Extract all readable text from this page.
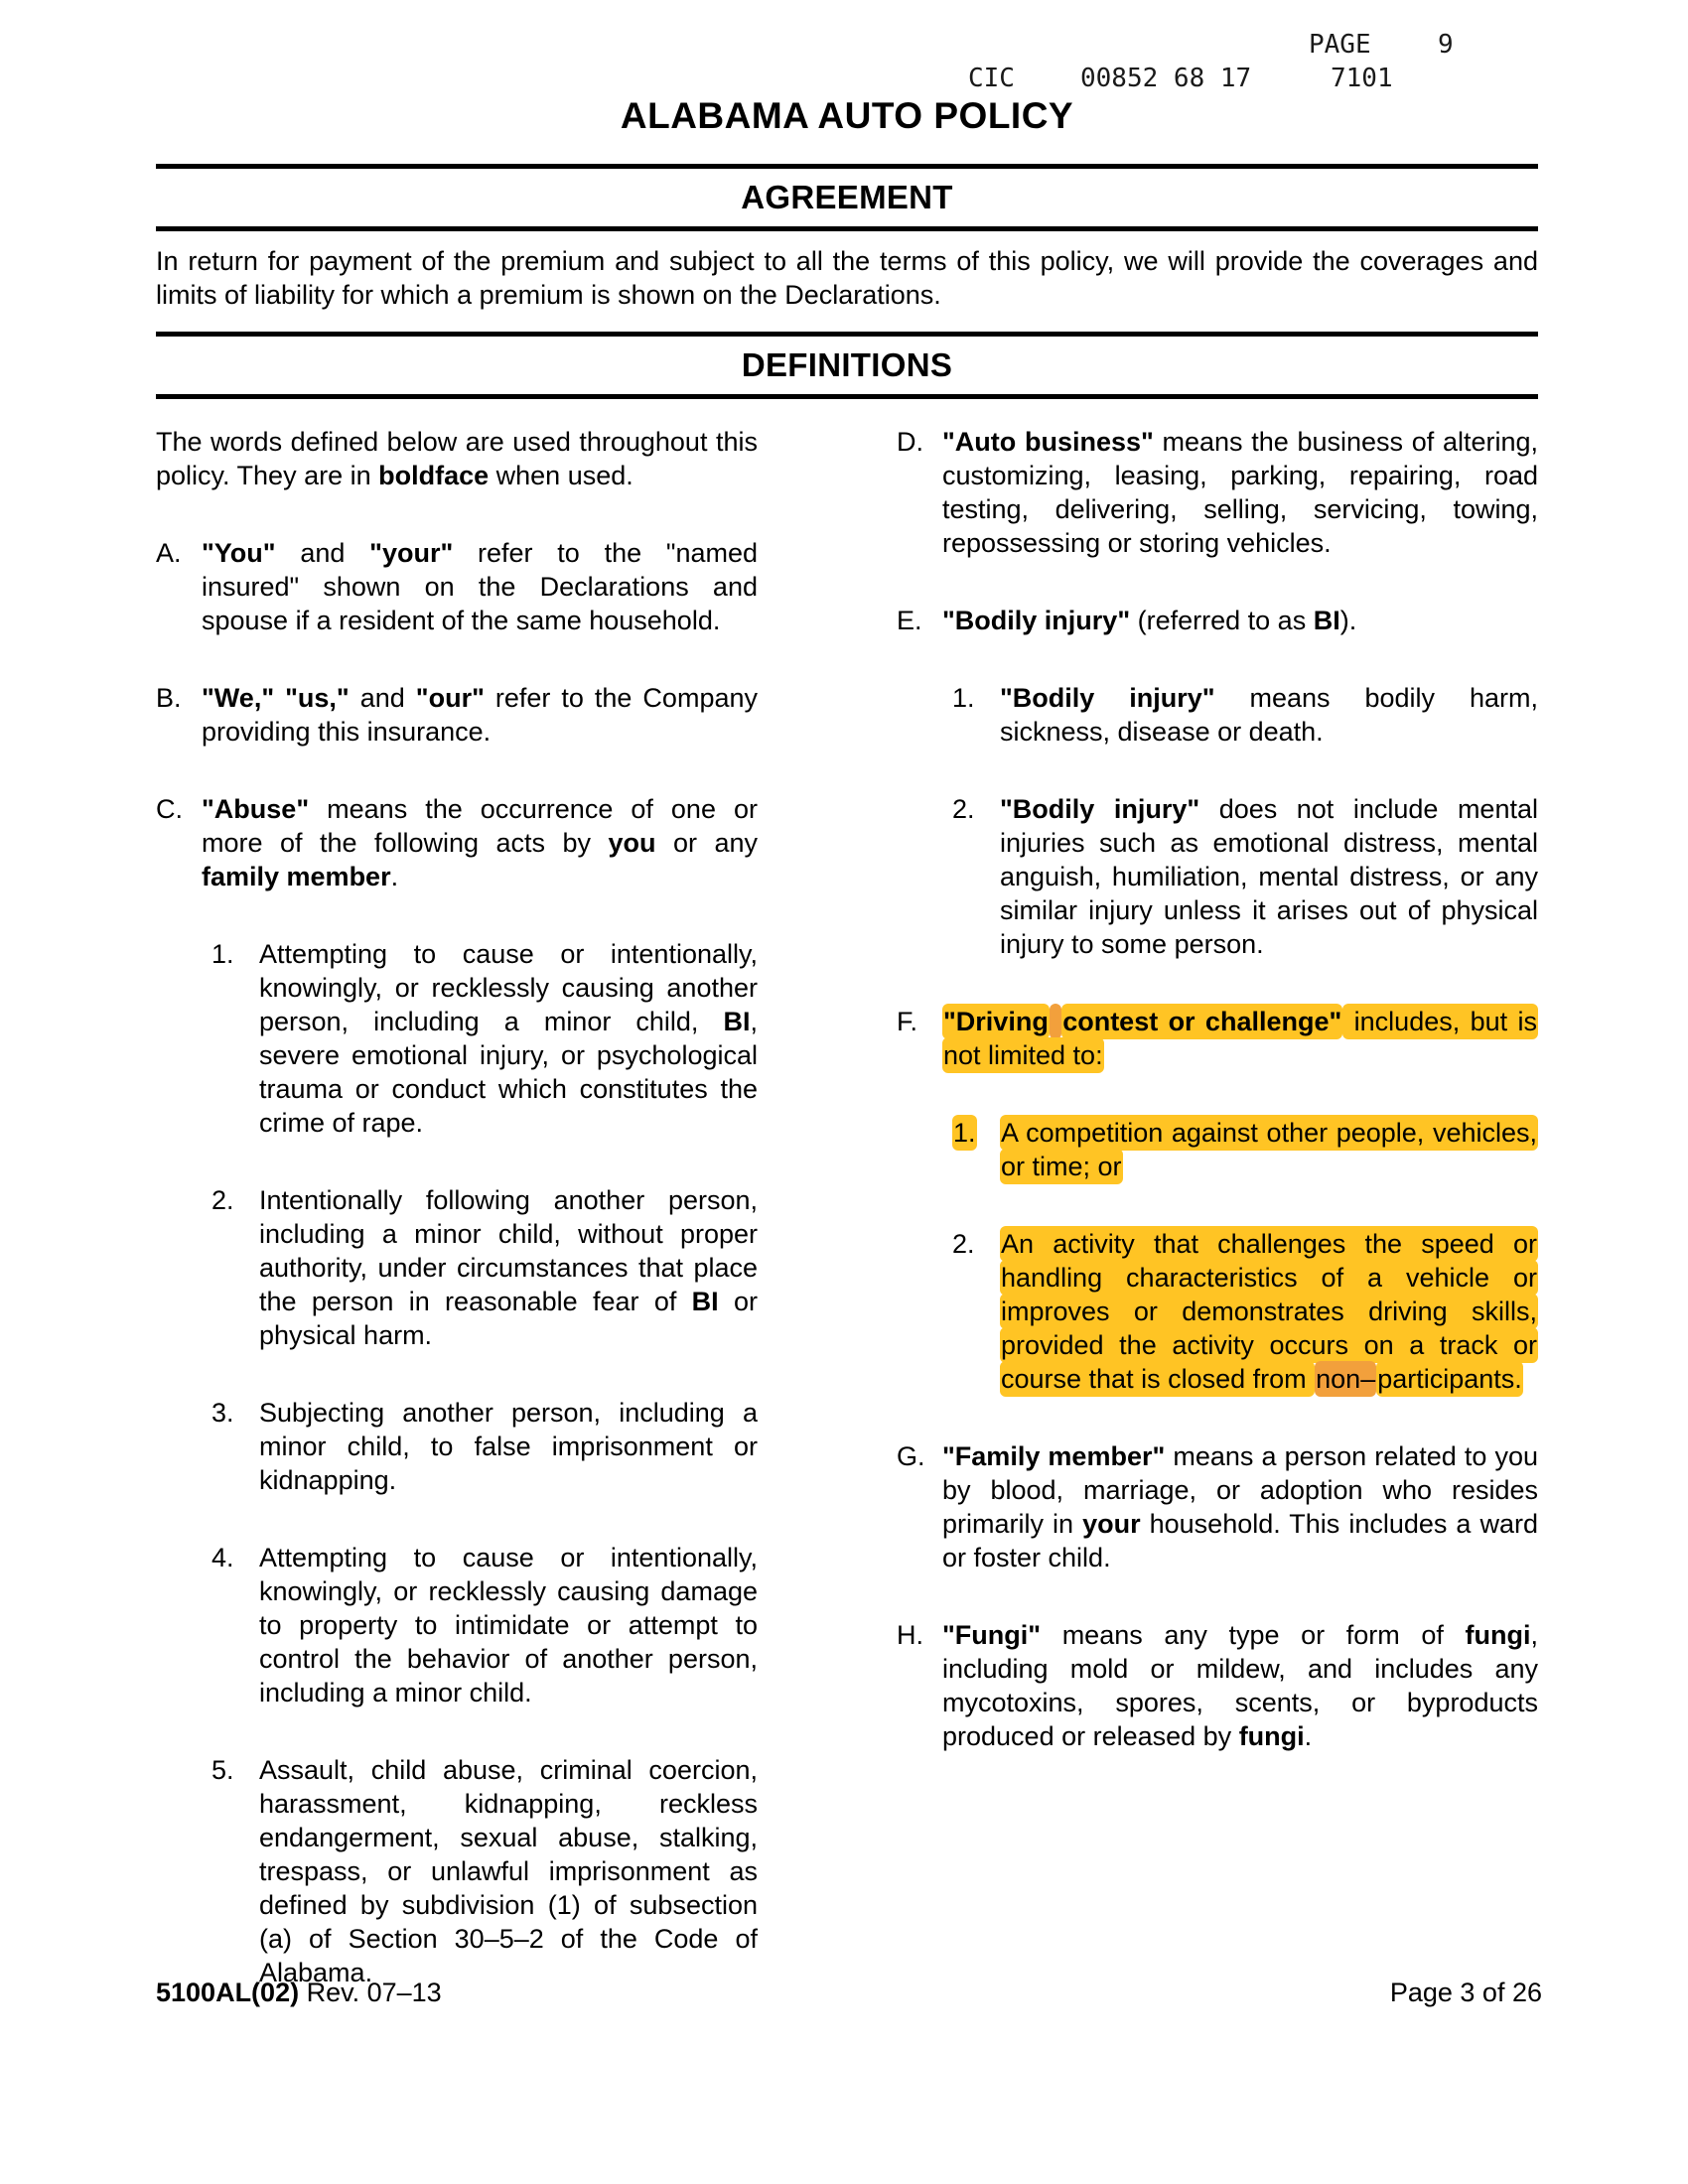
PAGE	9
CIC	00852 68 17	7101
ALABAMA AUTO POLICY
AGREEMENT

In return for payment of the premium and subject to all the terms of this policy, we will provide the coverages and limits of liability for which a premium is shown on the Declarations.

DEFINITIONS

The words defined below are used throughout this policy. They are in boldface when used.

A. "You" and "your" refer to the "named insured" shown on the Declarations and spouse if a resident of the same household.

B. "We," "us," and "our" refer to the Company providing this insurance.

C. "Abuse" means the occurrence of one or more of the following acts by you or any family member.

1. Attempting to cause or intentionally, knowingly, or recklessly causing another person, including a minor child, BI, severe emotional injury, or psychological trauma or conduct which constitutes the crime of rape.

2. Intentionally following another person, including a minor child, without proper authority, under circumstances that place the person in reasonable fear of BI or physical harm.

3. Subjecting another person, including a minor child, to false imprisonment or kidnapping.

4. Attempting to cause or intentionally, knowingly, or recklessly causing damage to property to intimidate or attempt to control the behavior of another person, including a minor child.

5. Assault, child abuse, criminal coercion, harassment, kidnapping, reckless endangerment, sexual abuse, stalking, trespass, or unlawful imprisonment as defined by subdivision (1) of subsection (a) of Section 30–5–2 of the Code of Alabama.

D. "Auto business" means the business of altering, customizing, leasing, parking, repairing, road testing, delivering, selling, servicing, towing, repossessing or storing vehicles.

E. "Bodily injury" (referred to as BI).

1. "Bodily injury" means bodily harm, sickness, disease or death.

2. "Bodily injury" does not include mental injuries such as emotional distress, mental anguish, humiliation, mental distress, or any similar injury unless it arises out of physical injury to some person.

F. "Driving contest or challenge" includes, but is not limited to:

1. A competition against other people, vehicles, or time; or

2. An activity that challenges the speed or handling characteristics of a vehicle or improves or demonstrates driving skills, provided the activity occurs on a track or course that is closed from non–participants.

G. "Family member" means a person related to you by blood, marriage, or adoption who resides primarily in your household. This includes a ward or foster child.

H. "Fungi" means any type or form of fungi, including mold or mildew, and includes any mycotoxins, spores, scents, or byproducts produced or released by fungi.

5100AL(02) Rev. 07–13	Page 3 of 26
